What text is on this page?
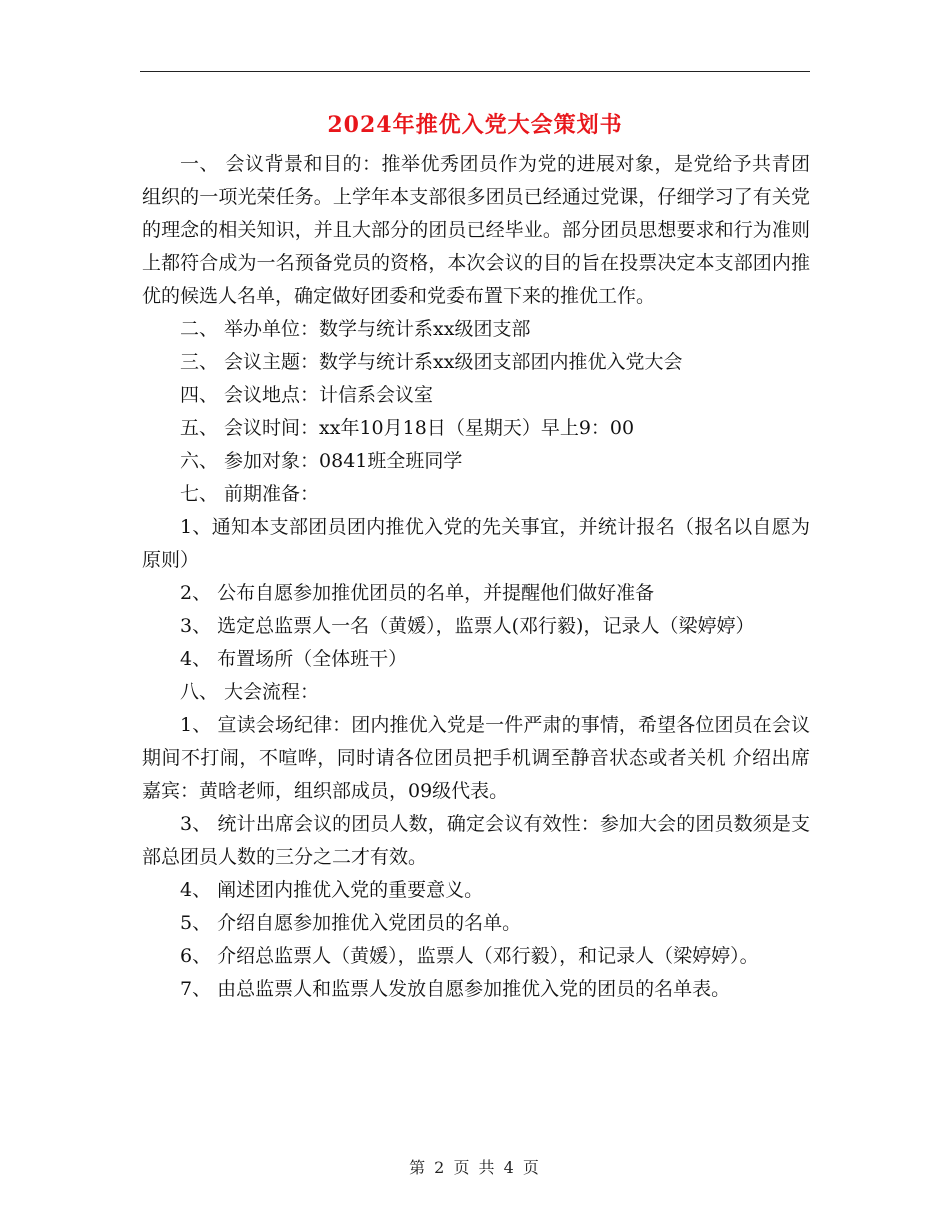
2024年推优入党大会策划书

一、 会议背景和目的：推举优秀团员作为党的进展对象，是党给予共青团组织的一项光荣任务。上学年本支部很多团员已经通过党课，仔细学习了有关党的理念的相关知识，并且大部分的团员已经毕业。部分团员思想要求和行为准则上都符合成为一名预备党员的资格，本次会议的目的旨在投票决定本支部团内推优的候选人名单，确定做好团委和党委布置下来的推优工作。

二、 举办单位：数学与统计系xx级团支部

三、 会议主题：数学与统计系xx级团支部团内推优入党大会

四、 会议地点：计信系会议室

五、 会议时间：xx年10月18日（星期天）早上9：00

六、 参加对象：0841班全班同学

七、 前期准备：

1、通知本支部团员团内推优入党的先关事宜，并统计报名（报名以自愿为原则）

2、 公布自愿参加推优团员的名单，并提醒他们做好准备

3、 选定总监票人一名（黄媛），监票人(邓行毅)，记录人（梁婷婷）

4、 布置场所（全体班干）

八、 大会流程：

1、 宣读会场纪律：团内推优入党是一件严肃的事情，希望各位团员在会议期间不打闹，不喧哗，同时请各位团员把手机调至静音状态或者关机 介绍出席嘉宾：黄晗老师，组织部成员，09级代表。

3、 统计出席会议的团员人数，确定会议有效性：参加大会的团员数须是支部总团员人数的三分之二才有效。

4、 阐述团内推优入党的重要意义。

5、 介绍自愿参加推优入党团员的名单。

6、 介绍总监票人（黄媛），监票人（邓行毅），和记录人（梁婷婷）。

7、 由总监票人和监票人发放自愿参加推优入党的团员的名单表。

第 2 页 共 4 页
